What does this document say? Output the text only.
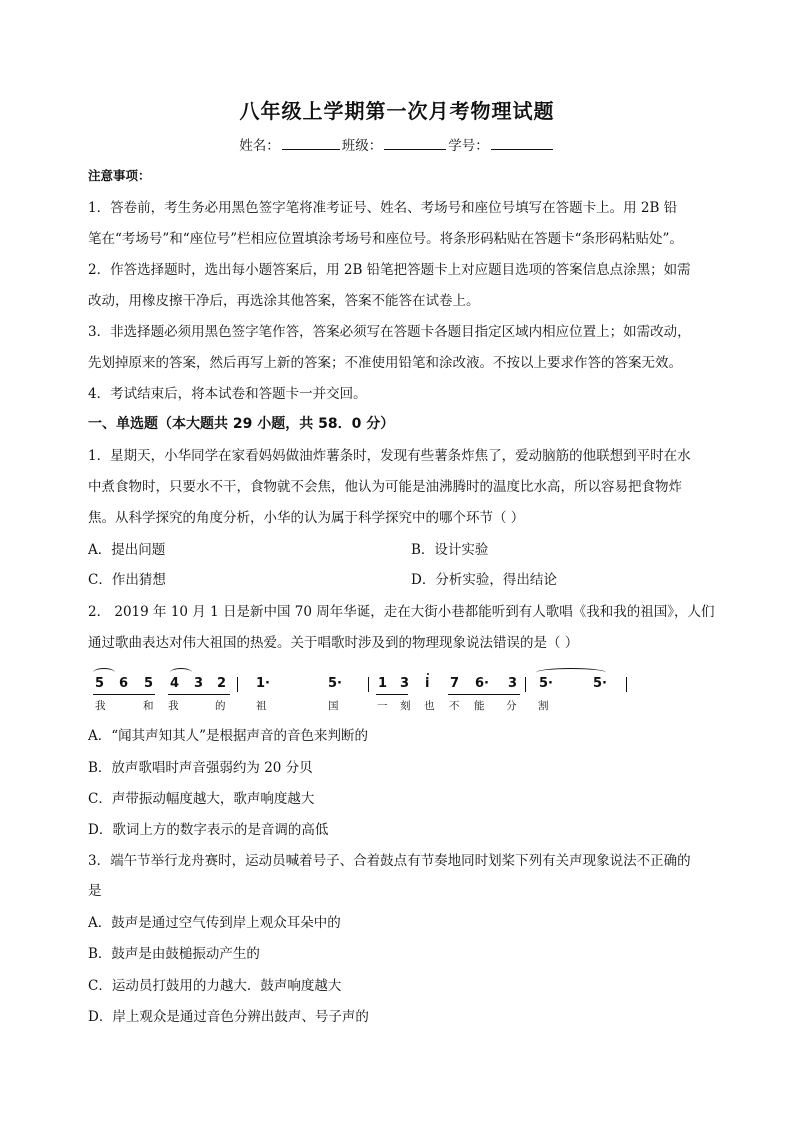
八年级上学期第一次月考物理试题
姓名：	班级：	学号：
注意事项：
1．答卷前，考生务必用黑色签字笔将准考证号、姓名、考场号和座位号填写在答题卡上。用 2B 铅
笔在“考场号”和“座位号”栏相应位置填涂考场号和座位号。将条形码粘贴在答题卡“条形码粘贴处”。
2．作答选择题时，选出每小题答案后，用 2B 铅笔把答题卡上对应题目选项的答案信息点涂黑；如需
改动，用橡皮擦干净后，再选涂其他答案，答案不能答在试卷上。
3．非选择题必须用黑色签字笔作答，答案必须写在答题卡各题目指定区域内相应位置上；如需改动，
先划掉原来的答案，然后再写上新的答案；不准使用铅笔和涂改液。不按以上要求作答的答案无效。
4．考试结束后，将本试卷和答题卡一并交回。
一、单选题（本大题共 29 小题，共 58．0 分）
1．星期天，小华同学在家看妈妈做油炸薯条时，发现有些薯条炸焦了，爱动脑筋的他联想到平时在水
中煮食物时，只要水不干，食物就不会焦，他认为可能是油沸腾时的温度比水高，所以容易把食物炸
焦。从科学探究的角度分析，小华的认为属于科学探究中的哪个环节（ ）
A．提出问题	B．设计实验
C．作出猜想	D．分析实验，得出结论
2． 2019 年 10 月 1 日是新中国 70 周年华诞，走在大街小巷都能听到有人歌唱《我和我的祖国》，人们
通过歌曲表达对伟大祖国的热爱。关于唱歌时涉及到的物理现象说法错误的是（ ）
5 6 5 4 3 2 1·	5·	1 3 i 7 6· 3 5·	5·
我	和 我	的	祖	国	一 刻 也 不 能 分 割
A．“闻其声知其人”是根据声音的音色来判断的
B．放声歌唱时声音强弱约为 20 分贝
C．声带振动幅度越大，歌声响度越大
D．歌词上方的数字表示的是音调的高低
3．端午节举行龙舟赛时，运动员喊着号子、合着鼓点有节奏地同时划桨下列有关声现象说法不正确的
是
A．鼓声是通过空气传到岸上观众耳朵中的
B．鼓声是由鼓槌振动产生的
C．运动员打鼓用的力越大．鼓声响度越大
D．岸上观众是通过音色分辨出鼓声、号子声的
